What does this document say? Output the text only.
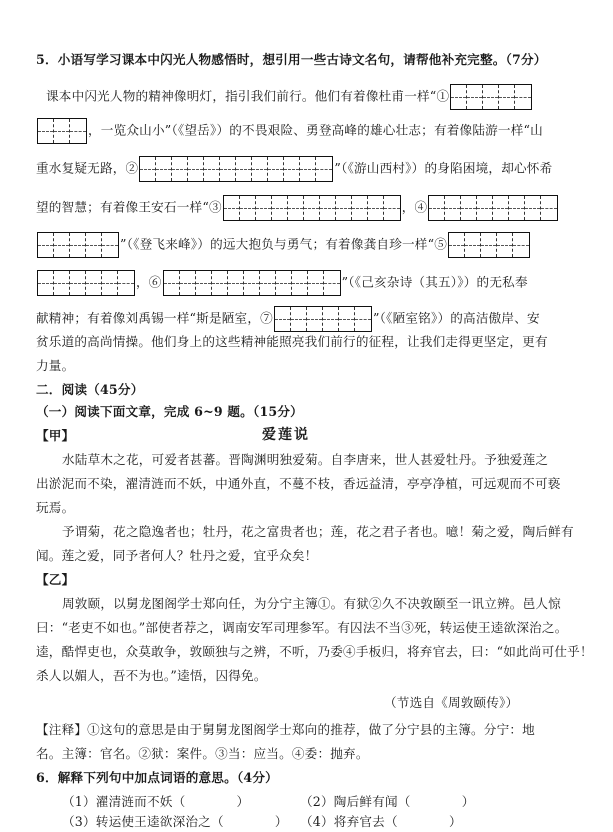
5．小语写学习课本中闪光人物感悟时，想引用一些古诗文名句，请帮他补充完整。（7分）
课本中闪光人物的精神像明灯，指引我们前行。他们有着像杜甫一样“①
，一览众山小”（《望岳》）的不畏艰险、勇登高峰的雄心壮志；有着像陆游一样“山
重水复疑无路，②	”（《游山西村》）的身陷困境，却心怀希
望的智慧；有着像王安石一样“③	，④
”（《登飞来峰》）的远大抱负与勇气；有着像龚自珍一样“⑤
，⑥	”（《己亥杂诗（其五）》）的无私奉
献精神；有着像刘禹锡一样“斯是陋室，⑦	”（《陋室铭》）的高洁傲岸、安
贫乐道的高尚情操。他们身上的这些精神能照亮我们前行的征程，让我们走得更坚定，更有
力量。
二．阅读（45分）
（一）阅读下面文章，完成 6~9 题。（15分）
【甲】	爱莲说
水陆草木之花，可爱者甚蕃。晋陶渊明独爱菊。自李唐来，世人甚爱牡丹。予独爱莲之
出淤泥而不染，濯清涟而不妖，中通外直，不蔓不枝，香远益清，亭亭净植，可远观而不可亵
玩焉。
予谓菊，花之隐逸者也；牡丹，花之富贵者也；莲，花之君子者也。噫！菊之爱，陶后鲜有
闻。莲之爱，同予者何人？牡丹之爱，宜乎众矣！
【乙】
周敦颐，以舅龙图阁学士郑向任，为分宁主簿①。有狱②久不决敦颐至一讯立辨。邑人惊
曰：“老吏不如也。”部使者荐之，调南安军司理参军。有囚法不当③死，转运使王逵欲深治之。
逵，酷悍吏也，众莫敢争，敦颐独与之辨，不听，乃委④手板归，将弃官去，曰：“如此尚可仕乎！
杀人以媚人，吾不为也。”逵悟，囚得免。
（节选自《周敦颐传》）
【注释】①这句的意思是由于舅舅龙图阁学士郑向的推荐，做了分宁县的主簿。分宁：地
名。主簿：官名。②狱：案件。③当：应当。④委：抛弃。
6．解释下列句中加点词语的意思。（4分）
（1）濯清涟而不妖（　　　　）	（2）陶后鲜有闻（　　　　）
（3）转运使王逵欲深治之（　　　　） （4）将弃官去（　　　　）
